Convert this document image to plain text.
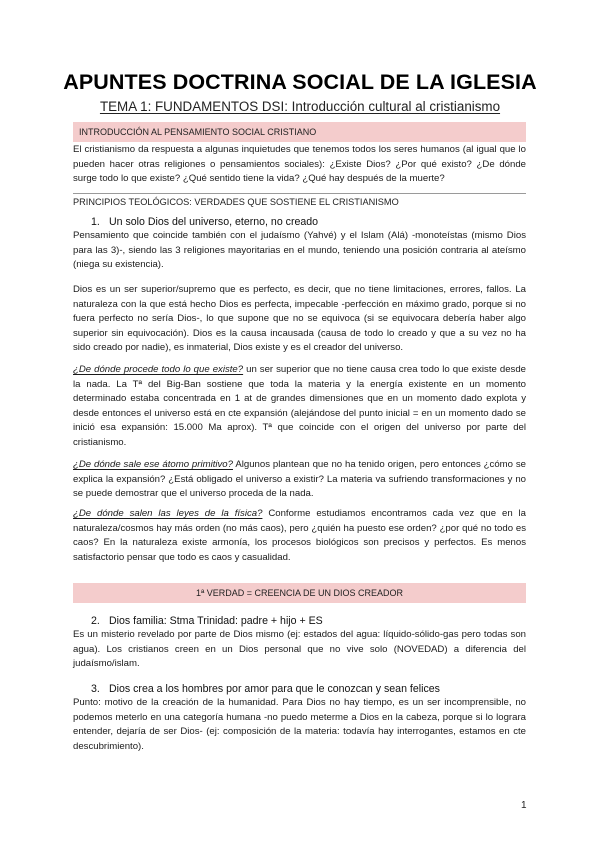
APUNTES DOCTRINA SOCIAL DE LA IGLESIA
TEMA 1: FUNDAMENTOS DSI: Introducción cultural al cristianismo
INTRODUCCIÓN AL PENSAMIENTO SOCIAL CRISTIANO
El cristianismo da respuesta a algunas inquietudes que tenemos todos los seres humanos (al igual que lo pueden hacer otras religiones o pensamientos sociales): ¿Existe Dios? ¿Por qué existo? ¿De dónde surge todo lo que existe? ¿Qué sentido tiene la vida? ¿Qué hay después de la muerte?
PRINCIPIOS TEOLÓGICOS: VERDADES QUE SOSTIENE EL CRISTIANISMO
1. Un solo Dios del universo, eterno, no creado
Pensamiento que coincide también con el judaísmo (Yahvé) y el Islam (Alá) -monoteístas (mismo Dios para las 3)-, siendo las 3 religiones mayoritarias en el mundo, teniendo una posición contraria al ateísmo (niega su existencia).
Dios es un ser superior/supremo que es perfecto, es decir, que no tiene limitaciones, errores, fallos. La naturaleza con la que está hecho Dios es perfecta, impecable -perfección en máximo grado, porque si no fuera perfecto no sería Dios-, lo que supone que no se equivoca (si se equivocara debería haber algo superior sin equivocación). Dios es la causa incausada (causa de todo lo creado y que a su vez no ha sido creado por nadie), es inmaterial, Dios existe y es el creador del universo.
¿De dónde procede todo lo que existe? un ser superior que no tiene causa crea todo lo que existe desde la nada. La Tª del Big-Ban sostiene que toda la materia y la energía existente en un momento determinado estaba concentrada en 1 at de grandes dimensiones que en un momento dado explota y desde entonces el universo está en cte expansión (alejándose del punto inicial = en un momento dado se inició esa expansión: 15.000 Ma aprox). Tª que coincide con el origen del universo por parte del cristianismo.
¿De dónde sale ese átomo primitivo? Algunos plantean que no ha tenido origen, pero entonces ¿cómo se explica la expansión? ¿Está obligado el universo a existir? La materia va sufriendo transformaciones y no se puede demostrar que el universo proceda de la nada.
¿De dónde salen las leyes de la física? Conforme estudiamos encontramos cada vez que en la naturaleza/cosmos hay más orden (no más caos), pero ¿quién ha puesto ese orden? ¿por qué no todo es caos? En la naturaleza existe armonía, los procesos biológicos son precisos y perfectos. Es menos satisfactorio pensar que todo es caos y casualidad.
1ª VERDAD = CREENCIA DE UN DIOS CREADOR
2. Dios familia: Stma Trinidad: padre + hijo + ES
Es un misterio revelado por parte de Dios mismo (ej: estados del agua: líquido-sólido-gas pero todas son agua). Los cristianos creen en un Dios personal que no vive solo (NOVEDAD) a diferencia del judaísmo/islam.
3. Dios crea a los hombres por amor para que le conozcan y sean felices
Punto: motivo de la creación de la humanidad. Para Dios no hay tiempo, es un ser incomprensible, no podemos meterlo en una categoría humana -no puedo meterme a Dios en la cabeza, porque si lo lograra entender, dejaría de ser Dios- (ej: composición de la materia: todavía hay interrogantes, estamos en cte descubrimiento).
1
